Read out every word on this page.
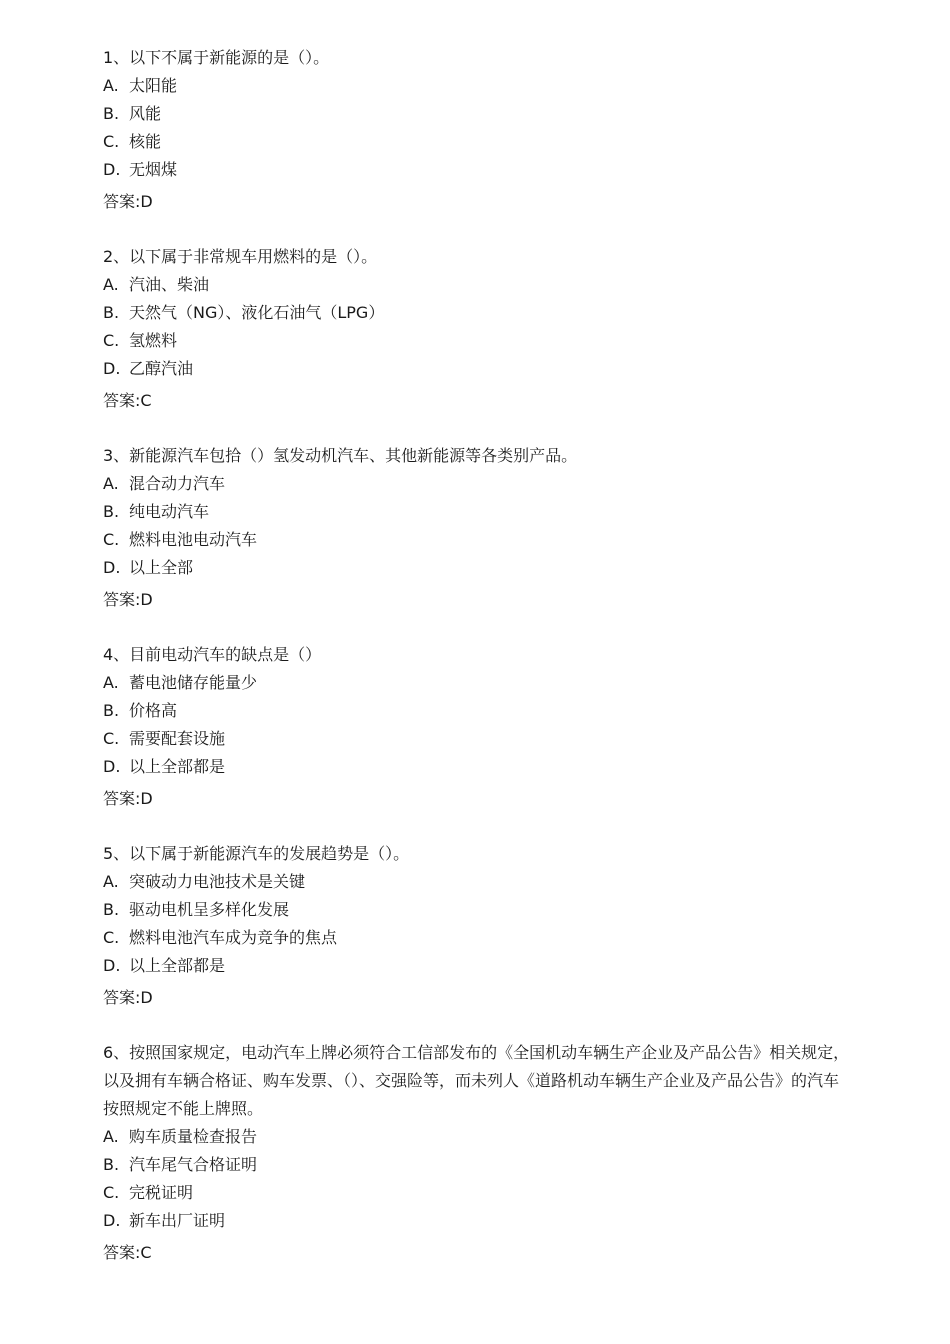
1、以下不属于新能源的是（）。

A. 太阳能
B. 风能
C. 核能
D. 无烟煤
答案:D

2、以下属于非常规车用燃料的是（）。

A. 汽油、柴油
B. 天然气（NG）、液化石油气（LPG）
C. 氢燃料
D. 乙醇汽油
答案:C

3、新能源汽车包拾（）氢发动机汽车、其他新能源等各类别产品。

A. 混合动力汽车
B. 纯电动汽车
C. 燃料电池电动汽车
D. 以上全部
答案:D

4、目前电动汽车的缺点是（）

A. 蓄电池储存能量少
B. 价格高
C. 需要配套设施
D. 以上全部都是
答案:D

5、以下属于新能源汽车的发展趋势是（）。

A. 突破动力电池技术是关键
B. 驱动电机呈多样化发展
C. 燃料电池汽车成为竞争的焦点
D. 以上全部都是
答案:D

6、按照国家规定，电动汽车上牌必须符合工信部发布的《全国机动车辆生产企业及产品公告》相关规定，以及拥有车辆合格证、购车发票、（）、交强险等，而未列人《道路机动车辆生产企业及产品公告》的汽车按照规定不能上牌照。

A. 购车质量检查报告
B. 汽车尾气合格证明
C. 完税证明
D. 新车出厂证明
答案:C
